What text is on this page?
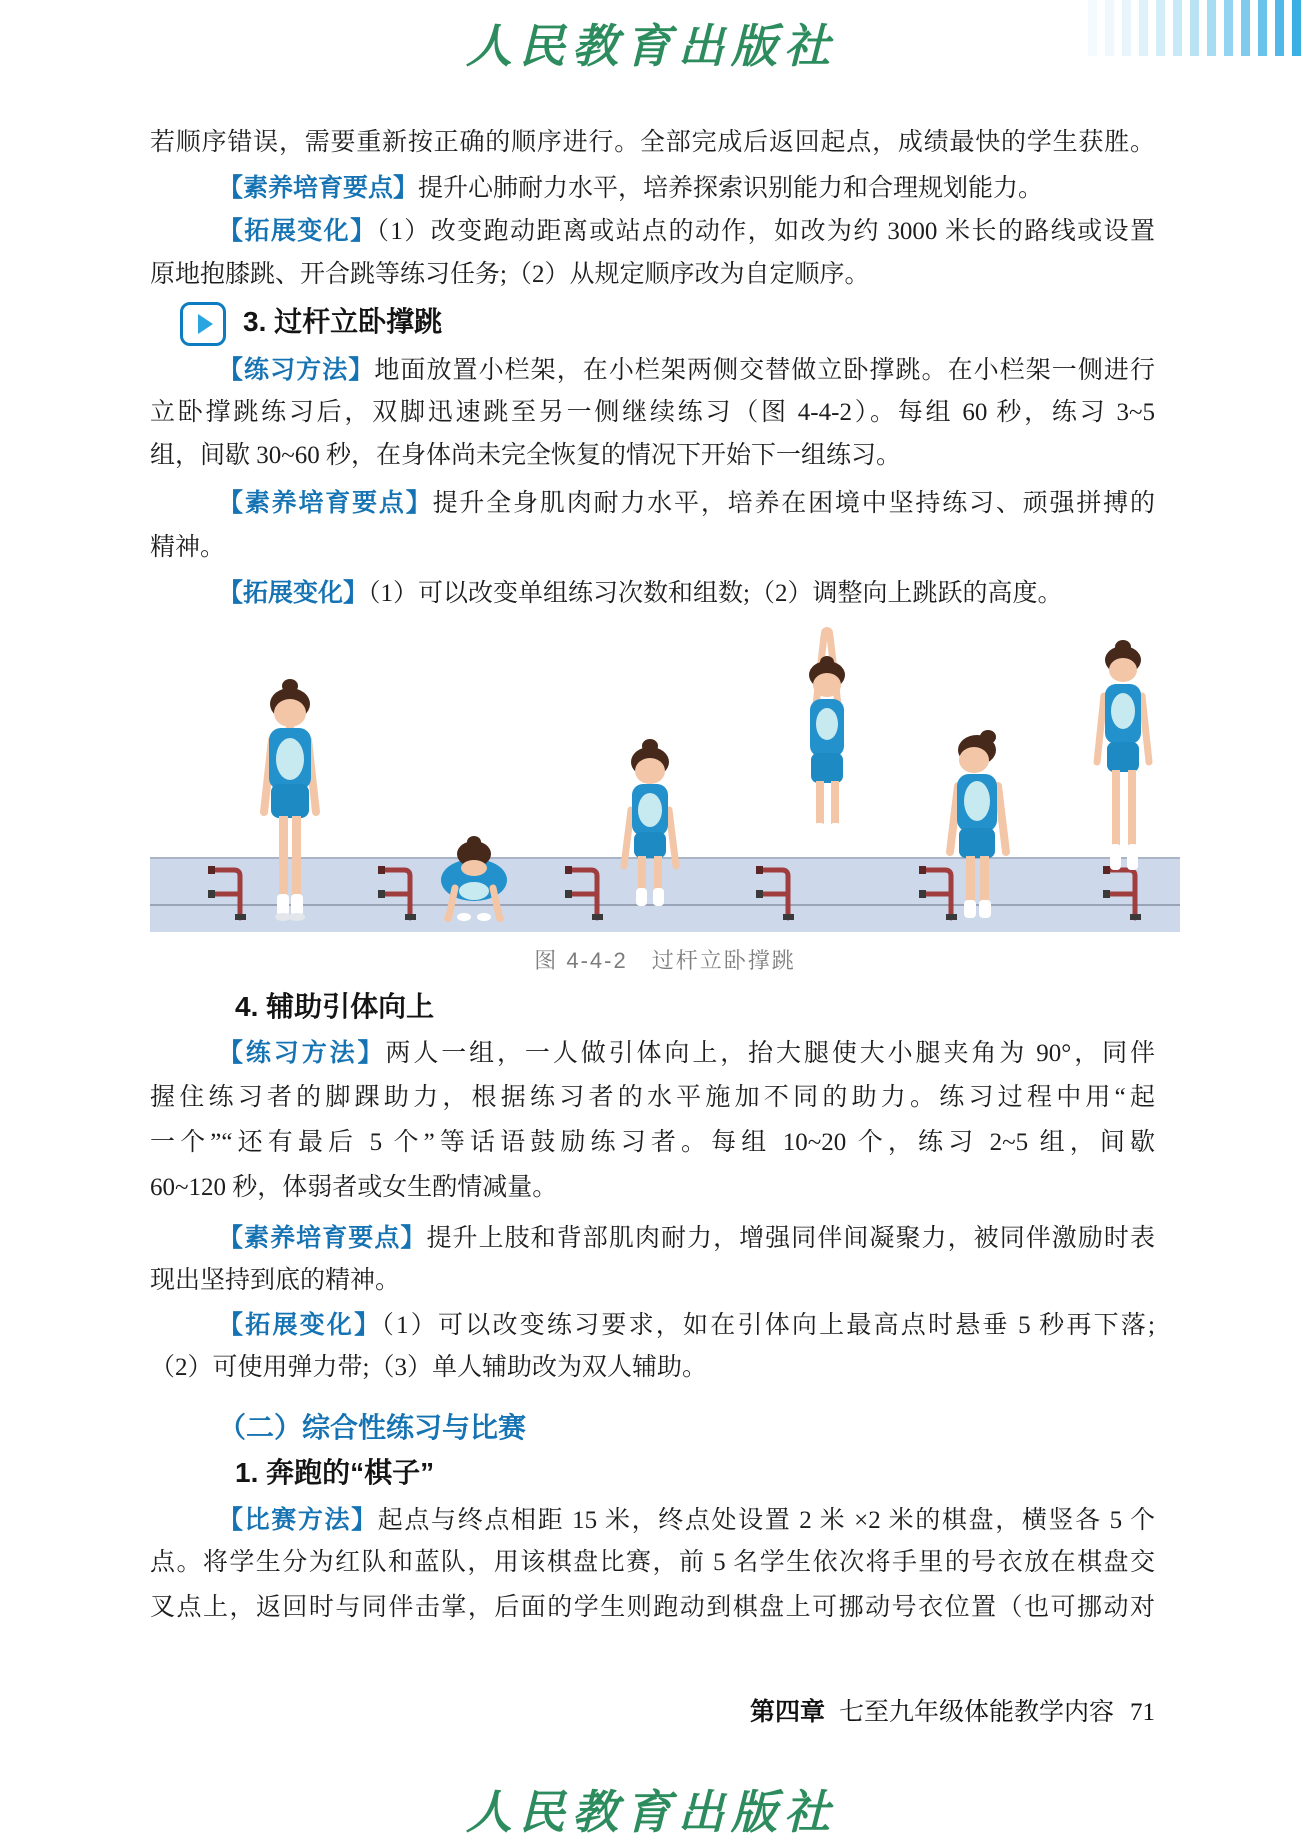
人民教育出版社
若顺序错误，需要重新按正确的顺序进行。全部完成后返回起点，成绩最快的学生获胜。
【素养培育要点】提升心肺耐力水平，培养探索识别能力和合理规划能力。
【拓展变化】（1）改变跑动距离或站点的动作，如改为约 3000 米长的路线或设置
原地抱膝跳、开合跳等练习任务;（2）从规定顺序改为自定顺序。
3. 过杆立卧撑跳
【练习方法】地面放置小栏架，在小栏架两侧交替做立卧撑跳。在小栏架一侧进行
立卧撑跳练习后，双脚迅速跳至另一侧继续练习（图 4-4-2）。每组 60 秒，练习 3~5
组，间歇 30~60 秒，在身体尚未完全恢复的情况下开始下一组练习。
【素养培育要点】提升全身肌肉耐力水平，培养在困境中坚持练习、顽强拼搏的
精神。
【拓展变化】（1）可以改变单组练习次数和组数;（2）调整向上跳跃的高度。
图 4-4-2　过杆立卧撑跳
4. 辅助引体向上
【练习方法】两人一组，一人做引体向上，抬大腿使大小腿夹角为 90°，同伴
握住练习者的脚踝助力，根据练习者的水平施加不同的助力。练习过程中用“起
一个”“还有最后 5 个”等话语鼓励练习者。每组 10~20 个，练习 2~5 组，间歇
60~120 秒，体弱者或女生酌情减量。
【素养培育要点】提升上肢和背部肌肉耐力，增强同伴间凝聚力，被同伴激励时表
现出坚持到底的精神。
【拓展变化】（1）可以改变练习要求，如在引体向上最高点时悬垂 5 秒再下落;
（2）可使用弹力带;（3）单人辅助改为双人辅助。
（二）综合性练习与比赛
1. 奔跑的“棋子”
【比赛方法】起点与终点相距 15 米，终点处设置 2 米 ×2 米的棋盘，横竖各 5 个
点。将学生分为红队和蓝队，用该棋盘比赛，前 5 名学生依次将手里的号衣放在棋盘交
叉点上，返回时与同伴击掌，后面的学生则跑动到棋盘上可挪动号衣位置（也可挪动对
第四章 七至九年级体能教学内容 71
人民教育出版社
